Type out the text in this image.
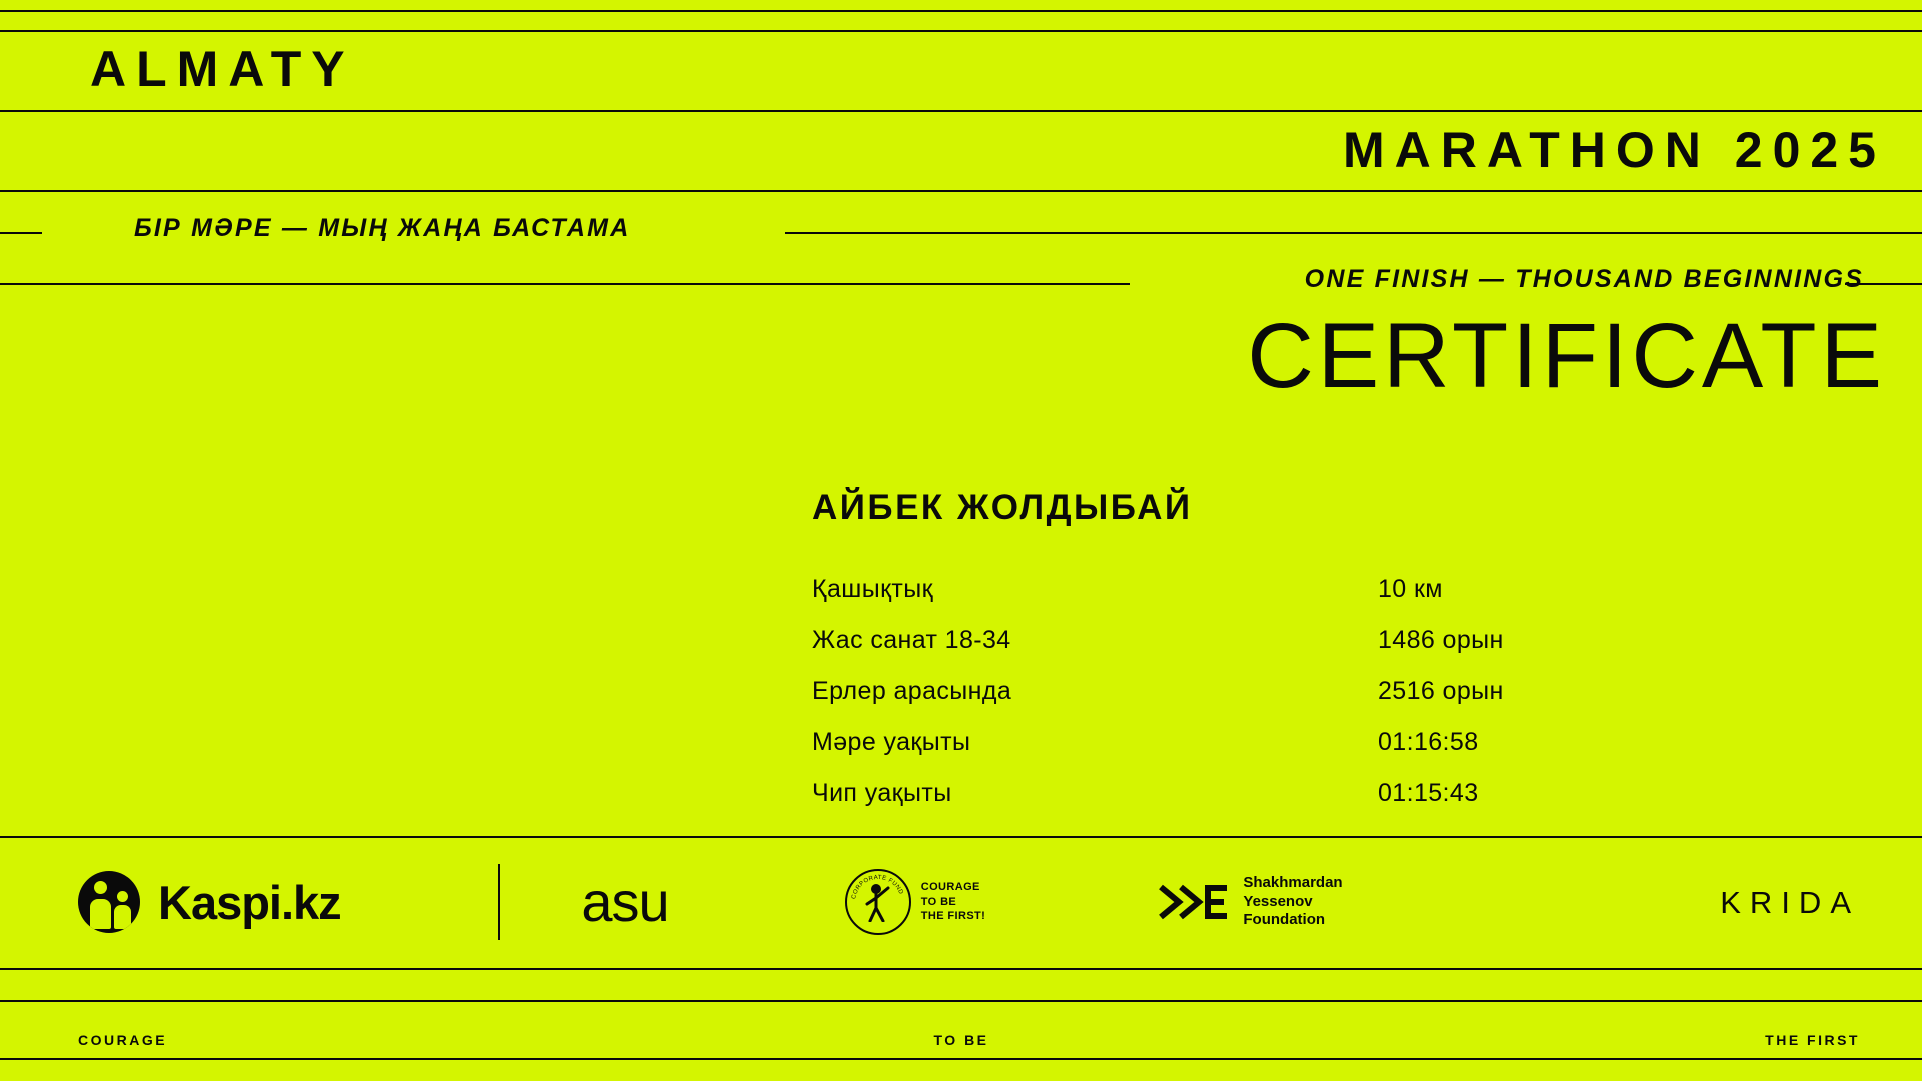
ALMATY
MARATHON 2025
БІР МӘРЕ — МЫҢ ЖАҢА БАСТАМА
ONE FINISH — THOUSAND BEGINNINGS
CERTIFICATE
АЙБЕК ЖОЛДЫБАЙ
Қашықтық	10 км
Жас санат 18-34	1486 орын
Ерлер арасында	2516 орын
Мәре уақыты	01:16:58
Чип уақыты	01:15:43
Kaspi.kz	asu	CORPORATE FUND COURAGE
TO BE
THE FIRST!
Shakhmardan
Yessenov
Foundation
KRIDA
COURAGE	TO BE	THE FIRST
